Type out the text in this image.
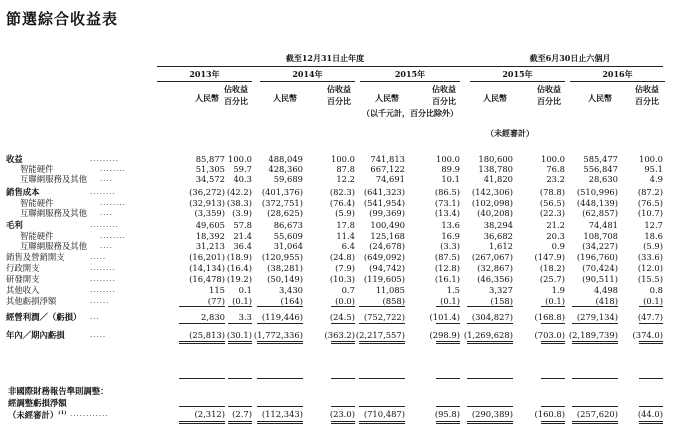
節選綜合收益表
截至12月31日止年度	截至6月30日止六個月
2013年	2014年	2015年	2015年	2016年
人民幣
佔收益
百分比	人民幣
佔收益
百分比	人民幣
佔收益
百分比	人民幣
佔收益
百分比	人民幣
佔收益
百分比
（以千元計，百分比除外）
（未經審計）
收益	.........	85,877 100.0	488,049	100.0	741,813	100.0	180,600	100.0	585,477	100.0
智能硬件	........	51,305 59.7	428,360	87.8	667,122	89.9	138,780	76.8	556,847	95.1
互聯網服務及其他 ....	34,572 40.3	59,689	12.2	74,691	10.1	41,820	23.2	28,630	4.9
銷售成本	........	(36,272) (42.2)	(401,376)	(82.3)	(641,323)	(86.5)	(142,306)	(78.8)	(510,996)	(87.2)
智能硬件	........	(32,913) (38.3)	(372,751)	(76.4)	(541,954)	(73.1)	(102,098)	(56.5)	(448,139)	(76.5)
互聯網服務及其他 ....	(3,359) (3.9)	(28,625)	(5.9)	(99,369)	(13.4)	(40,208)	(22.3)	(62,857)	(10.7)
毛利	.........	49,605 57.8	86,673	17.8	100,490	13.6	38,294	21.2	74,481	12.7
智能硬件	........	18,392 21.4	55,609	11.4	125,168	16.9	36,682	20.3	108,708	18.6
互聯網服務及其他 ....	31,213 36.4	31,064	6.4	(24,678)	(3.3)	1,612	0.9	(34,227)	(5.9)
銷售及營銷開支	.....	(16,201) (18.9)	(120,955)	(24.8)	(649,092)	(87.5)	(267,067)	(147.9)	(196,760)	(33.6)
行政開支	........	(14,134) (16.4)	(38,281)	(7.9)	(94,742)	(12.8)	(32,867)	(18.2)	(70,424)	(12.0)
研發開支	........	(16,478) (19.2)	(50,149)	(10.3)	(119,605)	(16.1)	(46,356)	(25.7)	(90,511)	(15.5)
其他收入	........	115	0.1	3,430	0.7	11,085	1.5	3,327	1.9	4,498	0.8
其他虧損淨額	......	(77) (0.1)	(164)	(0.0)	(858)	(0.1)	(158)	(0.1)	(418)	(0.1)
經營利潤／（虧損） ...	2,830	3.3	(119,446)	(24.5)	(752,722)	(101.4)	(304,827)	(168.8)	(279,134)	(47.7)
年內／期內虧損	.....	(25,813) (30.1) (1,772,336)	(363.2) (2,217,557)	(298.9) (1,269,628)	(703.0) (2,189,739)	(374.0)
非國際財務報告準則調整：
經調整虧損淨額
（未經審計）$^{(1)}$ ............	(2,312) (2.7)	(112,343)	(23.0)	(710,487)	(95.8)	(290,389)	(160.8)	(257,620)	(44.0)
